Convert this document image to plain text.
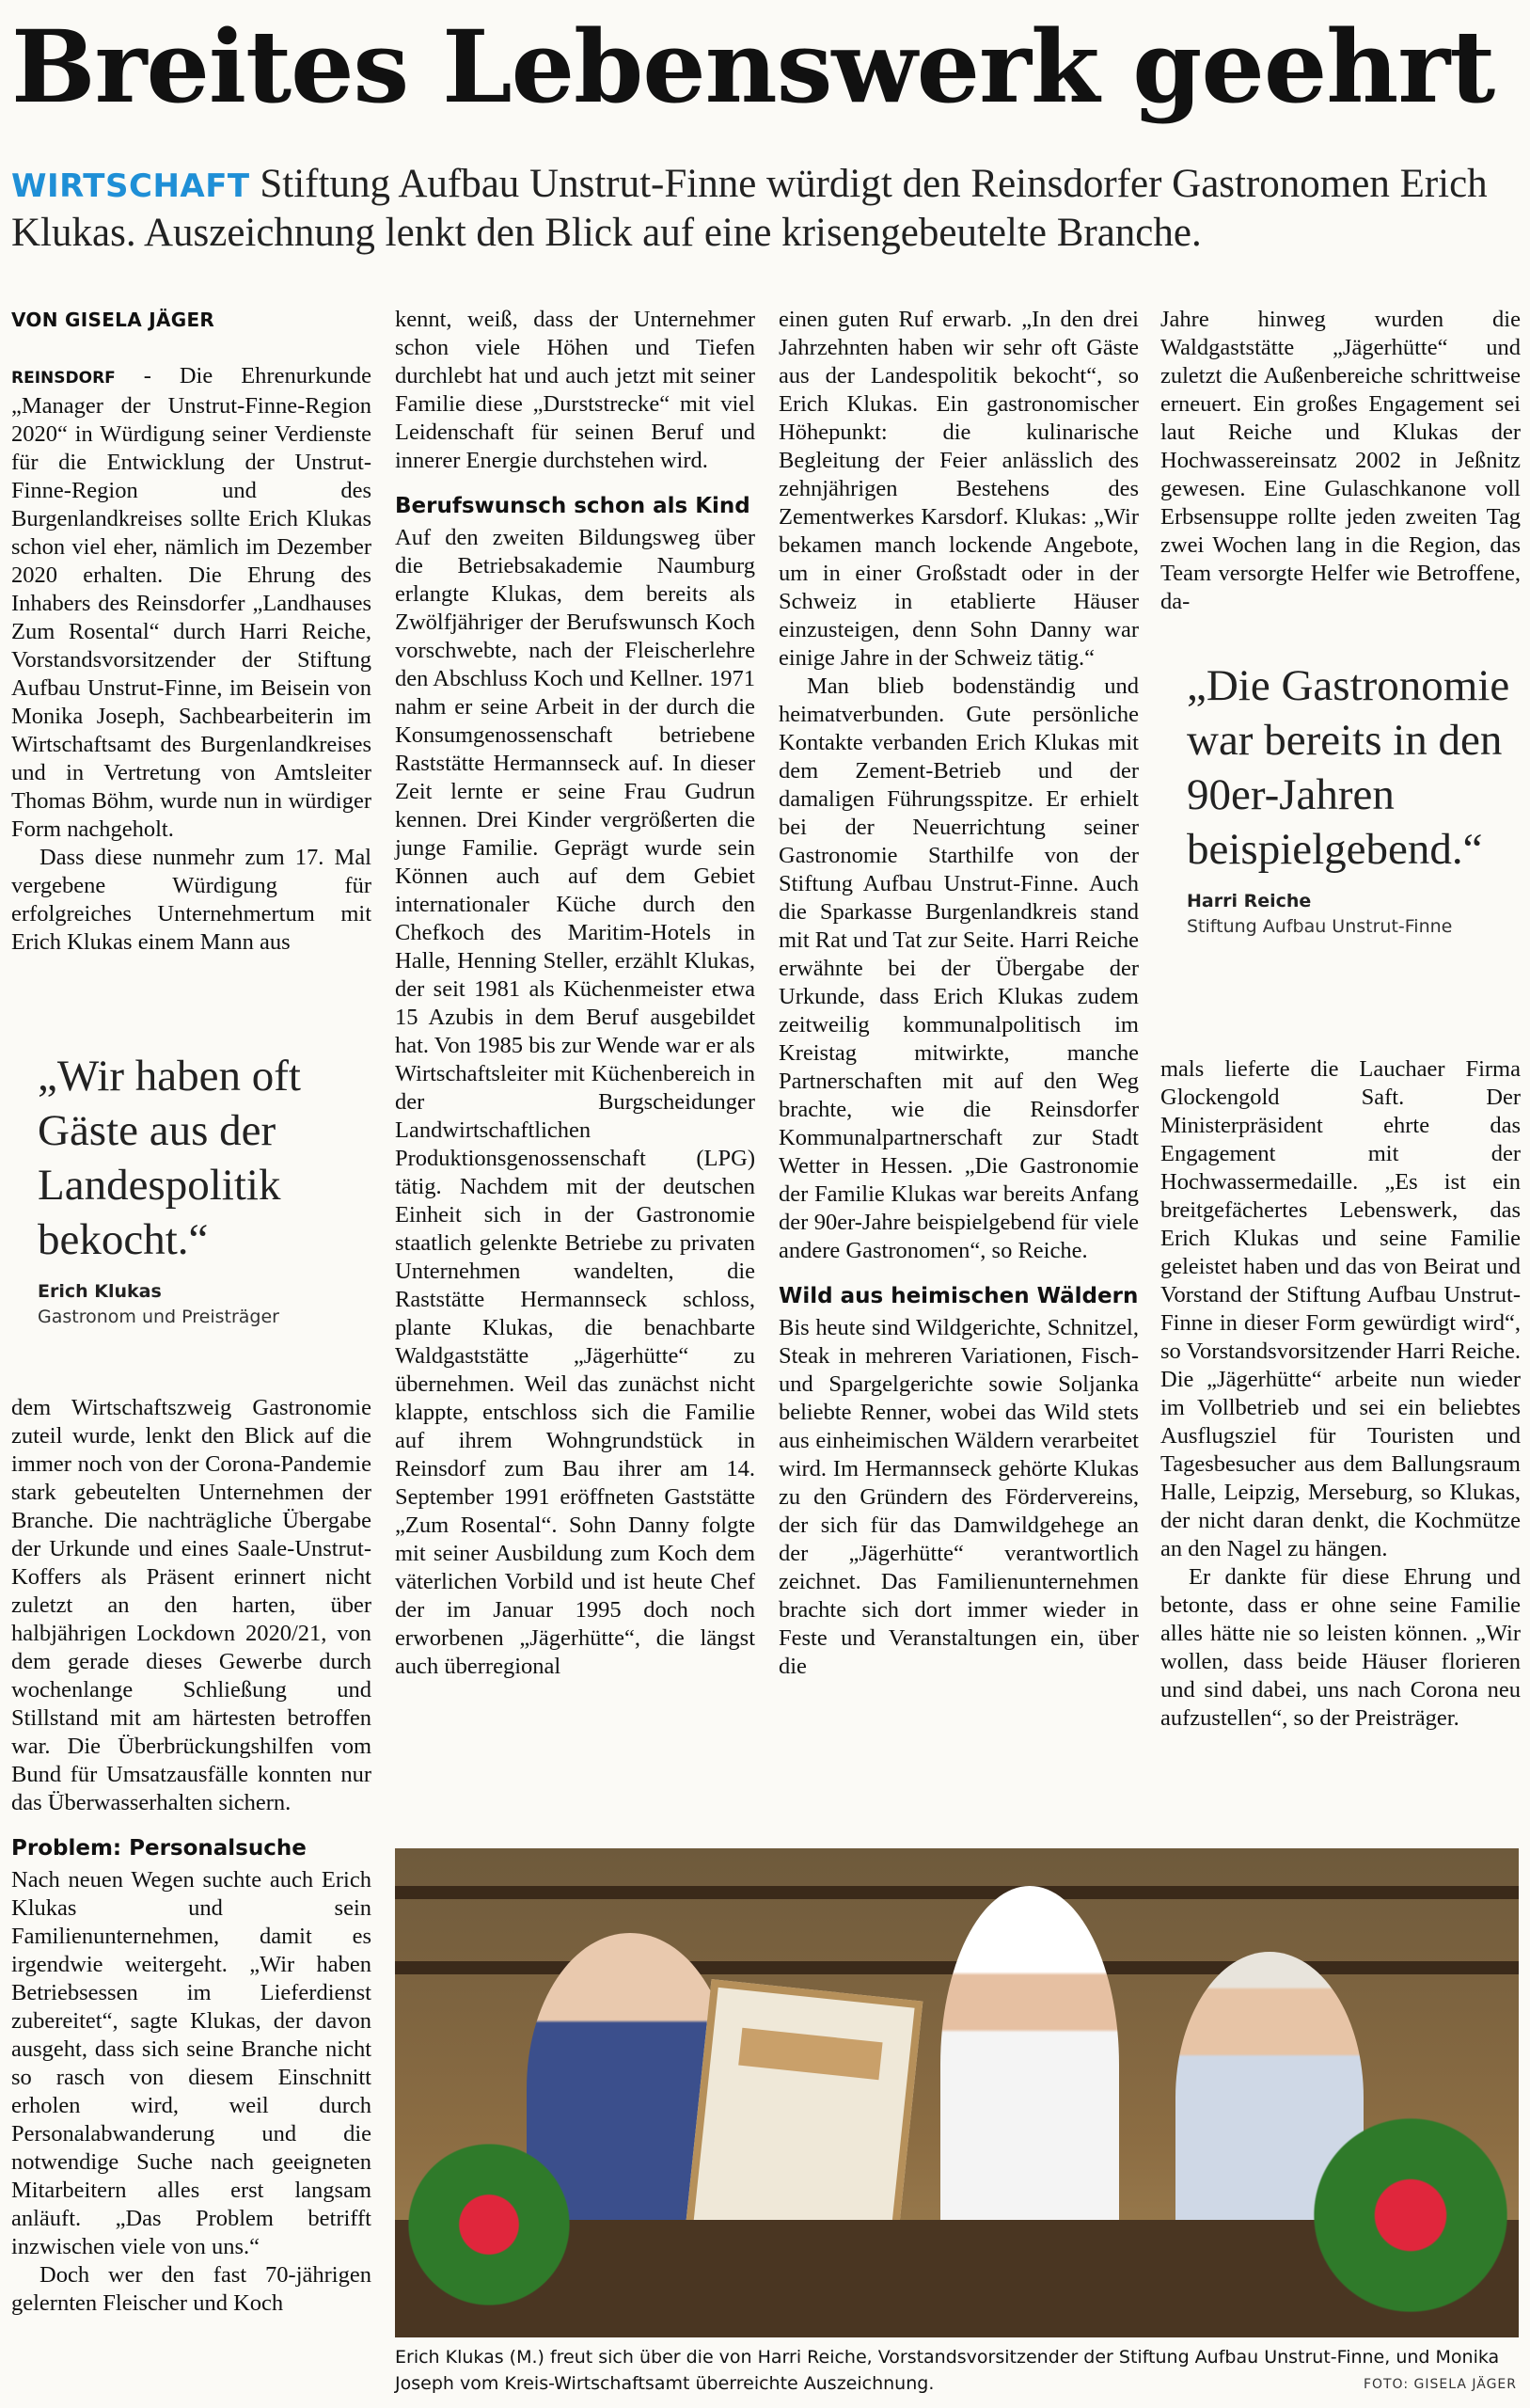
Breites Lebenswerk geehrt
WIRTSCHAFT Stiftung Aufbau Unstrut-Finne würdigt den Reinsdorfer Gastronomen Erich Klukas. Auszeichnung lenkt den Blick auf eine krisengebeutelte Branche.
VON GISELA JÄGER

REINSDORF - Die Ehrenurkunde „Manager der Unstrut-Finne-Region 2020“ in Würdigung seiner Verdienste für die Entwicklung der Unstrut-Finne-Region und des Burgenlandkreises sollte Erich Klukas schon viel eher, nämlich im Dezember 2020 erhalten. Die Ehrung des Inhabers des Reinsdorfer „Landhauses Zum Rosental“ durch Harri Reiche, Vorstandsvorsitzender der Stiftung Aufbau Unstrut-Finne, im Beisein von Monika Joseph, Sachbearbeiterin im Wirtschaftsamt des Burgenlandkreises und in Vertretung von Amtsleiter Thomas Böhm, wurde nun in würdiger Form nachgeholt.

Dass diese nunmehr zum 17. Mal vergebene Würdigung für erfolgreiches Unternehmertum mit Erich Klukas einem Mann aus

„Wir haben oft Gäste aus der Landespolitik bekocht.“
Erich Klukas
Gastronom und Preisträger

dem Wirtschaftszweig Gastronomie zuteil wurde, lenkt den Blick auf die immer noch von der Corona-Pandemie stark gebeutelten Unternehmen der Branche. Die nachträgliche Übergabe der Urkunde und eines Saale-Unstrut-Koffers als Präsent erinnert nicht zuletzt an den harten, über halbjährigen Lockdown 2020/21, von dem gerade dieses Gewerbe durch wochenlange Schließung und Stillstand mit am härtesten betroffen war. Die Überbrückungshilfen vom Bund für Umsatzausfälle konnten nur das Überwasserhalten sichern.

Problem: Personalsuche

Nach neuen Wegen suchte auch Erich Klukas und sein Familienunternehmen, damit es irgendwie weitergeht. „Wir haben Betriebsessen im Lieferdienst zubereitet“, sagte Klukas, der davon ausgeht, dass sich seine Branche nicht so rasch von diesem Einschnitt erholen wird, weil durch Personalabwanderung und die notwendige Suche nach geeigneten Mitarbeitern alles erst langsam anläuft. „Das Problem betrifft inzwischen viele von uns.“

Doch wer den fast 70-jährigen gelernten Fleischer und Koch

kennt, weiß, dass der Unternehmer schon viele Höhen und Tiefen durchlebt hat und auch jetzt mit seiner Familie diese „Durststrecke“ mit viel Leidenschaft für seinen Beruf und innerer Energie durchstehen wird.

Berufswunsch schon als Kind

Auf den zweiten Bildungsweg über die Betriebsakademie Naumburg erlangte Klukas, dem bereits als Zwölfjähriger der Berufswunsch Koch vorschwebte, nach der Fleischerlehre den Abschluss Koch und Kellner. 1971 nahm er seine Arbeit in der durch die Konsumgenossenschaft betriebene Raststätte Hermannseck auf. In dieser Zeit lernte er seine Frau Gudrun kennen. Drei Kinder vergrößerten die junge Familie. Geprägt wurde sein Können auch auf dem Gebiet internationaler Küche durch den Chefkoch des Maritim-Hotels in Halle, Henning Steller, erzählt Klukas, der seit 1981 als Küchenmeister etwa 15 Azubis in dem Beruf ausgebildet hat. Von 1985 bis zur Wende war er als Wirtschaftsleiter mit Küchenbereich in der Burgscheidunger Landwirtschaftlichen Produktionsgenossenschaft (LPG) tätig. Nachdem mit der deutschen Einheit sich in der Gastronomie staatlich gelenkte Betriebe zu privaten Unternehmen wandelten, die Raststätte Hermannseck schloss, plante Klukas, die benachbarte Waldgaststätte „Jägerhütte“ zu übernehmen. Weil das zunächst nicht klappte, entschloss sich die Familie auf ihrem Wohngrundstück in Reinsdorf zum Bau ihrer am 14. September 1991 eröffneten Gaststätte „Zum Rosental“. Sohn Danny folgte mit seiner Ausbildung zum Koch dem väterlichen Vorbild und ist heute Chef der im Januar 1995 doch noch erworbenen „Jägerhütte“, die längst auch überregional

einen guten Ruf erwarb. „In den drei Jahrzehnten haben wir sehr oft Gäste aus der Landespolitik bekocht“, so Erich Klukas. Ein gastronomischer Höhepunkt: die kulinarische Begleitung der Feier anlässlich des zehnjährigen Bestehens des Zementwerkes Karsdorf. Klukas: „Wir bekamen manch lockende Angebote, um in einer Großstadt oder in der Schweiz in etablierte Häuser einzusteigen, denn Sohn Danny war einige Jahre in der Schweiz tätig.“

Man blieb bodenständig und heimatverbunden. Gute persönliche Kontakte verbanden Erich Klukas mit dem Zement-Betrieb und der damaligen Führungsspitze. Er erhielt bei der Neuerrichtung seiner Gastronomie Starthilfe von der Stiftung Aufbau Unstrut-Finne. Auch die Sparkasse Burgenlandkreis stand mit Rat und Tat zur Seite. Harri Reiche erwähnte bei der Übergabe der Urkunde, dass Erich Klukas zudem zeitweilig kommunalpolitisch im Kreistag mitwirkte, manche Partnerschaften mit auf den Weg brachte, wie die Reinsdorfer Kommunalpartnerschaft zur Stadt Wetter in Hessen. „Die Gastronomie der Familie Klukas war bereits Anfang der 90er-Jahre beispielgebend für viele andere Gastronomen“, so Reiche.

Wild aus heimischen Wäldern

Bis heute sind Wildgerichte, Schnitzel, Steak in mehreren Variationen, Fisch- und Spargelgerichte sowie Soljanka beliebte Renner, wobei das Wild stets aus einheimischen Wäldern verarbeitet wird. Im Hermannseck gehörte Klukas zu den Gründern des Fördervereins, der sich für das Damwildgehege an der „Jägerhütte“ verantwortlich zeichnet. Das Familienunternehmen brachte sich dort immer wieder in Feste und Veranstaltungen ein, über die

Jahre hinweg wurden die Waldgaststätte „Jägerhütte“ und zuletzt die Außenbereiche schrittweise erneuert. Ein großes Engagement sei laut Reiche und Klukas der Hochwassereinsatz 2002 in Jeßnitz gewesen. Eine Gulaschkanone voll Erbsensuppe rollte jeden zweiten Tag zwei Wochen lang in die Region, das Team versorgte Helfer wie Betroffene, da-

„Die Gastronomie war bereits in den 90er-Jahren beispielgebend.“
Harri Reiche
Stiftung Aufbau Unstrut-Finne

mals lieferte die Lauchaer Firma Glockengold Saft. Der Ministerpräsident ehrte das Engagement mit der Hochwassermedaille. „Es ist ein breitgefächertes Lebenswerk, das Erich Klukas und seine Familie geleistet haben und das von Beirat und Vorstand der Stiftung Aufbau Unstrut-Finne in dieser Form gewürdigt wird“, so Vorstandsvorsitzender Harri Reiche. Die „Jägerhütte“ arbeite nun wieder im Vollbetrieb und sei ein beliebtes Ausflugsziel für Touristen und Tagesbesucher aus dem Ballungsraum Halle, Leipzig, Merseburg, so Klukas, der nicht daran denkt, die Kochmütze an den Nagel zu hängen.

Er dankte für diese Ehrung und betonte, dass er ohne seine Familie alles hätte nie so leisten können. „Wir wollen, dass beide Häuser florieren und sind dabei, uns nach Corona neu aufzustellen“, so der Preisträger.

Erich Klukas (M.) freut sich über die von Harri Reiche, Vorstandsvorsitzender der Stiftung Aufbau Unstrut-Finne, und Monika Joseph vom Kreis-Wirtschaftsamt überreichte Auszeichnung.	FOTO: GISELA JÄGER
